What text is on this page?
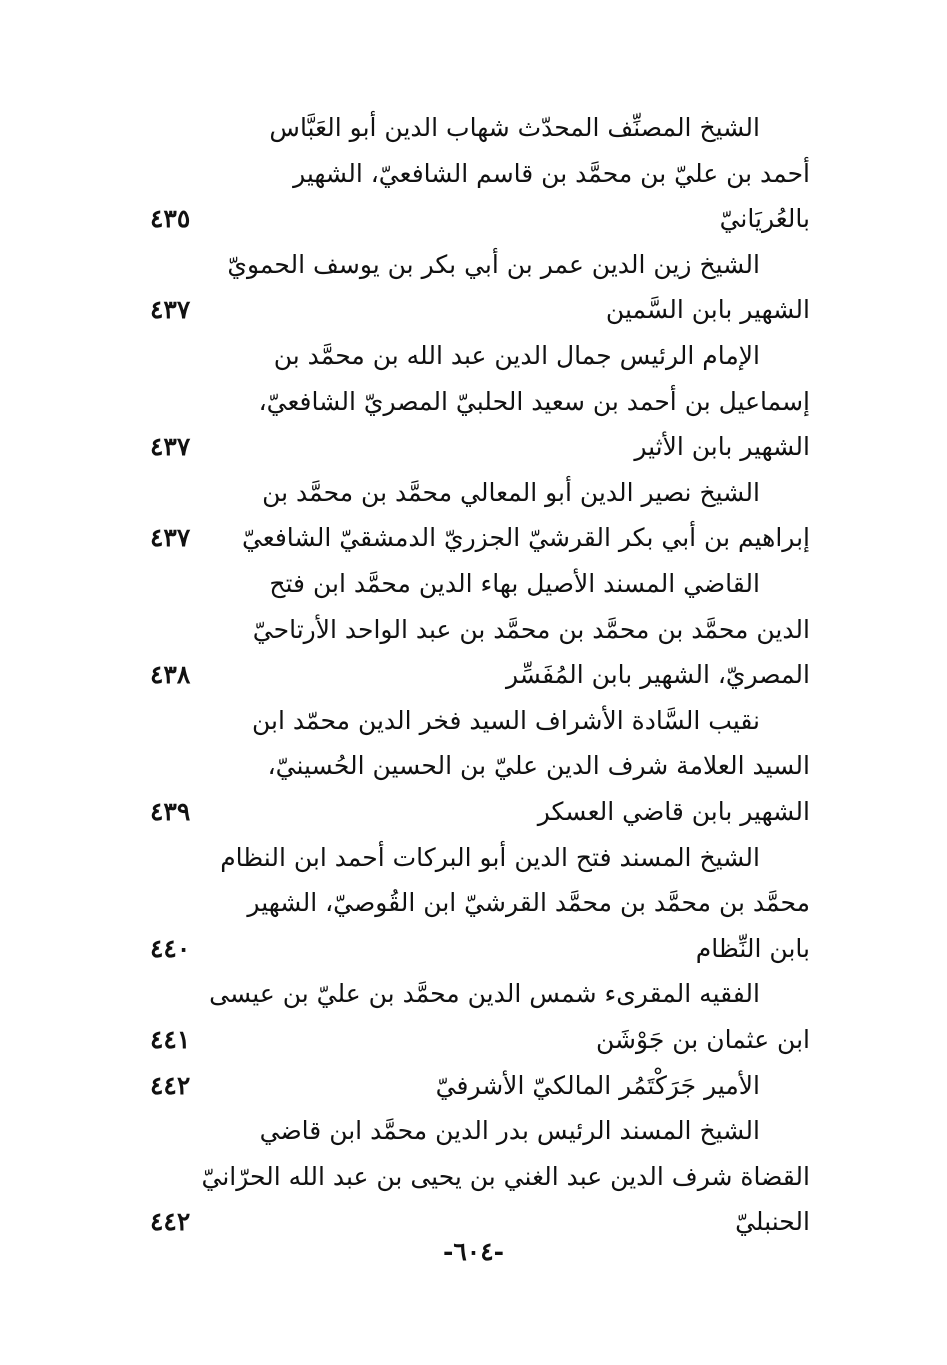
الشيخ المصنِّف المحدّث شهاب الدين أبو العَبَّاس
أحمد بن عليّ بن محمَّد بن قاسم الشافعيّ، الشهير
بالعُريَانيّ
٤٣٥
الشيخ زين الدين عمر بن أبي بكر بن يوسف الحمويّ
الشهير بابن السَّمين
٤٣٧
الإمام الرئيس جمال الدين عبد الله بن محمَّد بن
إسماعيل بن أحمد بن سعيد الحلبيّ المصريّ الشافعيّ،
الشهير بابن الأثير
٤٣٧
الشيخ نصير الدين أبو المعالي محمَّد بن محمَّد بن
إبراهيم بن أبي بكر القرشيّ الجزريّ الدمشقيّ الشافعيّ
٤٣٧
القاضي المسند الأصيل بهاء الدين محمَّد ابن فتح
الدين محمَّد بن محمَّد بن محمَّد بن عبد الواحد الأرتاحيّ
المصريّ، الشهير بابن المُفَسِّر
٤٣٨
نقيب السَّادة الأشراف السيد فخر الدين محمّد ابن
السيد العلامة شرف الدين عليّ بن الحسين الحُسينيّ،
الشهير بابن قاضي العسكر
٤٣٩
الشيخ المسند فتح الدين أبو البركات أحمد ابن النظام
محمَّد بن محمَّد بن محمَّد القرشيّ ابن القُوصيّ، الشهير
بابن النِّظام
٤٤٠
الفقيه المقرىء شمس الدين محمَّد بن عليّ بن عيسى
ابن عثمان بن جَوْشَن
٤٤١
الأمير جَرَكْتَمُر المالكيّ الأشرفيّ
٤٤٢
الشيخ المسند الرئيس بدر الدين محمَّد ابن قاضي
القضاة شرف الدين عبد الغني بن يحيى بن عبد الله الحرّانيّ
الحنبليّ
٤٤٢
-٦٠٤-
